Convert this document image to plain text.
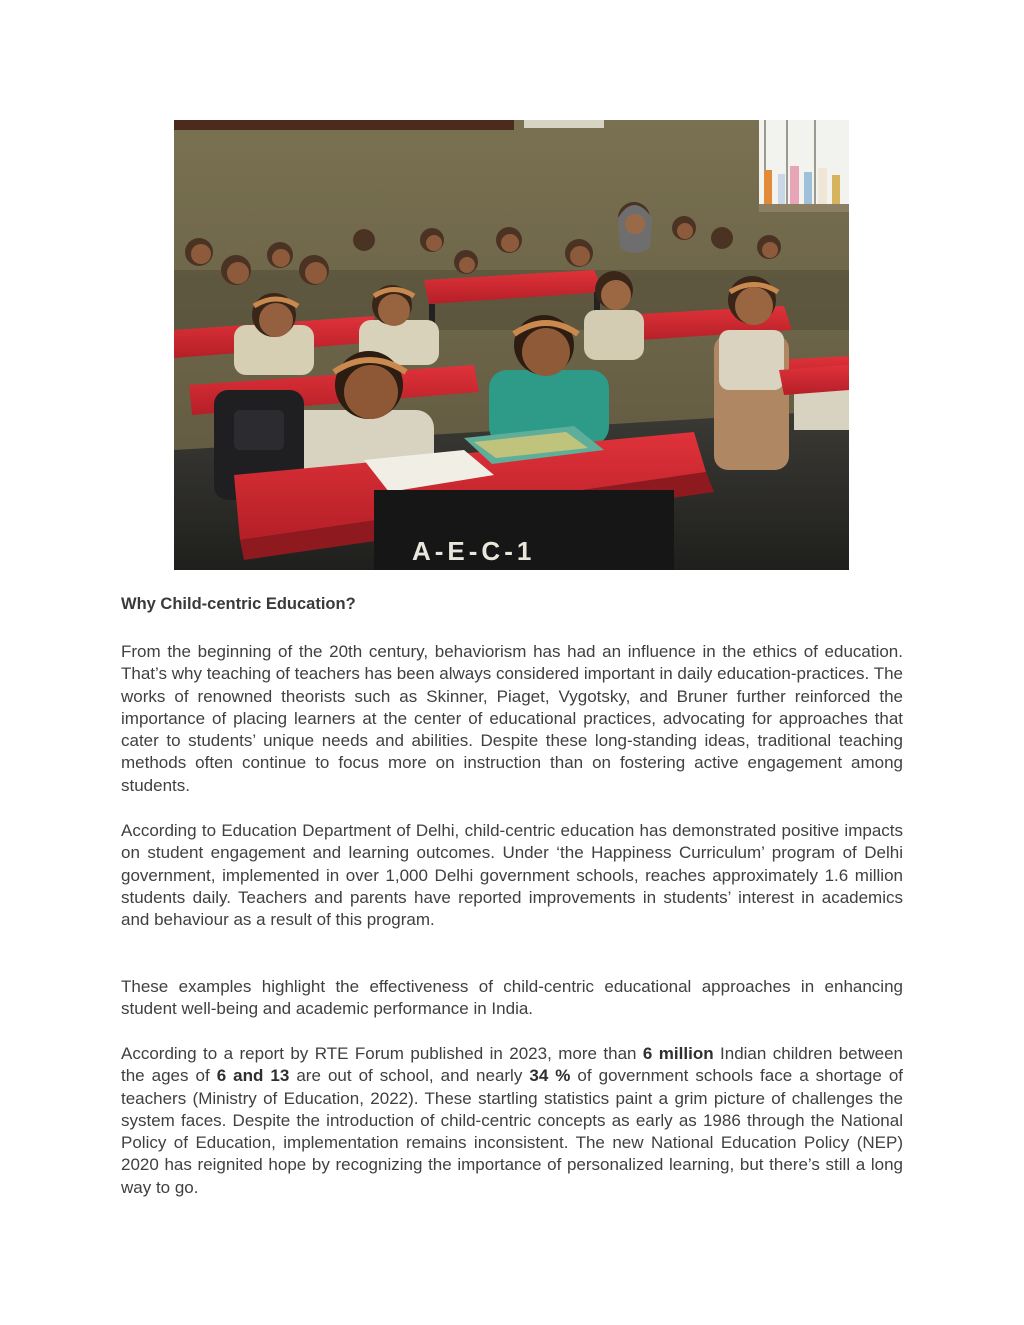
A-E-C-1
Why Child-centric Education?

From the beginning of the 20th century, behaviorism has had an influence in the ethics of education. That’s why teaching of teachers has been always considered important in daily education-practices. The works of renowned theorists such as Skinner, Piaget, Vygotsky, and Bruner further reinforced the importance of placing learners at the center of educational practices, advocating for approaches that cater to students’ unique needs and abilities. Despite these long-standing ideas, traditional teaching methods often continue to focus more on instruction than on fostering active engagement among students.

According to Education Department of Delhi, child-centric education has demonstrated positive impacts on student engagement and learning outcomes. Under ‘the Happiness Curriculum’ program of Delhi government, implemented in over 1,000 Delhi government schools, reaches approximately 1.6 million students daily. Teachers and parents have reported improvements in students’ interest in academics and behaviour as a result of this program.

These examples highlight the effectiveness of child-centric educational approaches in enhancing student well-being and academic performance in India.

According to a report by RTE Forum published in 2023, more than 6 million Indian children between the ages of 6 and 13 are out of school, and nearly 34 % of government schools face a shortage of teachers (Ministry of Education, 2022). These startling statistics paint a grim picture of challenges the system faces. Despite the introduction of child-centric concepts as early as 1986 through the National Policy of Education, implementation remains inconsistent. The new National Education Policy (NEP) 2020 has reignited hope by recognizing the importance of personalized learning, but there’s still a long way to go.
